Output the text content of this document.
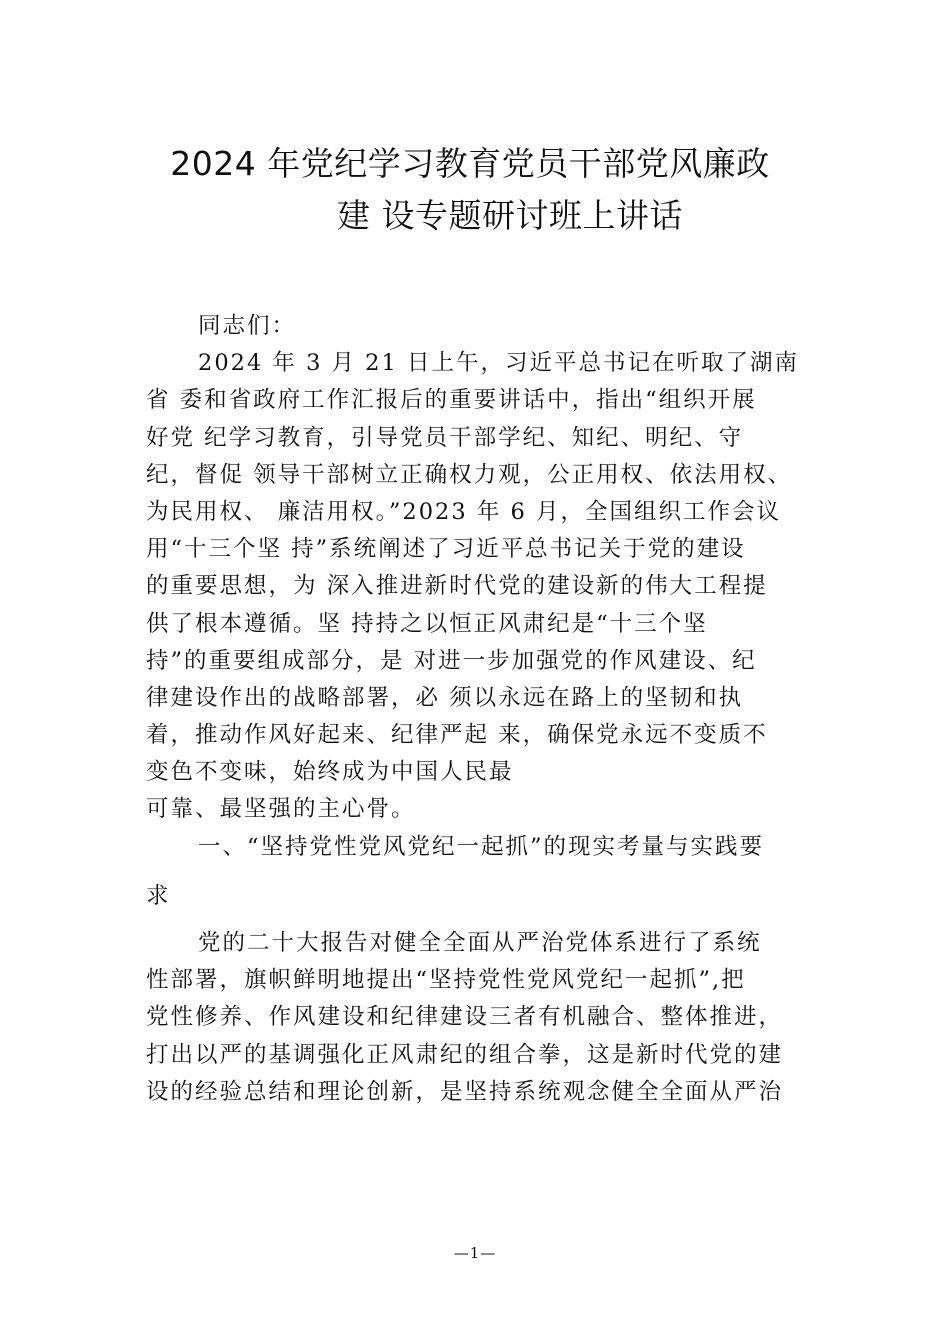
2024 年党纪学习教育党员干部党风廉政
建 设专题研讨班上讲话
同志们：
2024 年 3 月 21 日上午，习近平总书记在听取了湖南
省 委和省政府工作汇报后的重要讲话中，指出“组织开展
好党 纪学习教育，引导党员干部学纪、知纪、明纪、守
纪，督促 领导干部树立正确权力观，公正用权、依法用权、
为民用权、 廉洁用权。”2023 年 6 月，全国组织工作会议
用“十三个坚 持”系统阐述了习近平总书记关于党的建设
的重要思想，为 深入推进新时代党的建设新的伟大工程提
供了根本遵循。坚 持持之以恒正风肃纪是“十三个坚
持”的重要组成部分，是 对进一步加强党的作风建设、纪
律建设作出的战略部署，必 须以永远在路上的坚韧和执
着，推动作风好起来、纪律严起 来，确保党永远不变质不
变色不变味，始终成为中国人民最
可靠、最坚强的主心骨。
一、“坚持党性党风党纪一起抓”的现实考量与实践要
求
党的二十大报告对健全全面从严治党体系进行了系统
性部署，旗帜鲜明地提出“坚持党性党风党纪一起抓”,把
党性修养、作风建设和纪律建设三者有机融合、整体推进，
打出以严的基调强化正风肃纪的组合拳，这是新时代党的建
设的经验总结和理论创新，是坚持系统观念健全全面从严治
—1—
